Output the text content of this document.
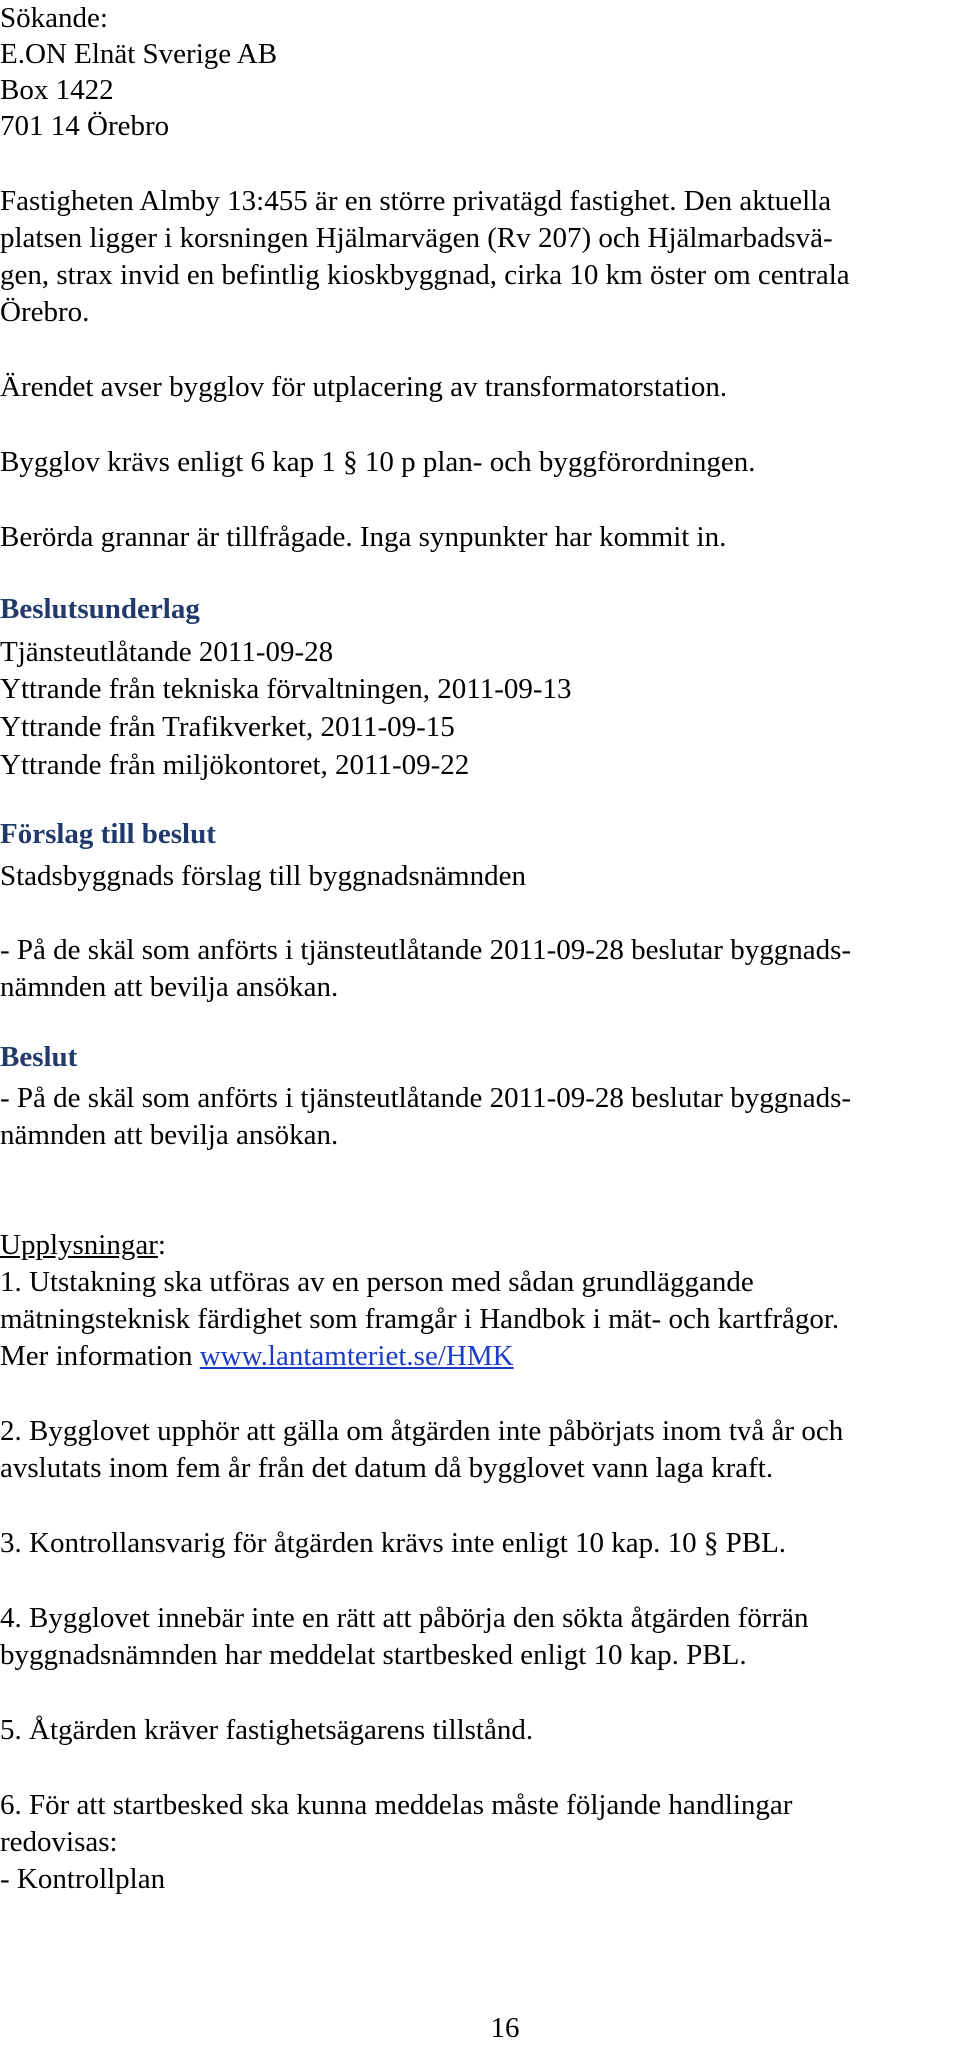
Sökande:

E.ON Elnät Sverige AB

Box 1422

701 14 Örebro

Fastigheten Almby 13:455 är en större privatägd fastighet. Den aktuella

platsen ligger i korsningen Hjälmarvägen (Rv 207) och Hjälmarbadsvä-

gen, strax invid en befintlig kioskbyggnad, cirka 10 km öster om centrala

Örebro.

Ärendet avser bygglov för utplacering av transformatorstation.

Bygglov krävs enligt 6 kap 1 § 10 p plan- och byggförordningen.

Berörda grannar är tillfrågade. Inga synpunkter har kommit in.

Beslutsunderlag

Tjänsteutlåtande 2011-09-28

Yttrande från tekniska förvaltningen, 2011-09-13

Yttrande från Trafikverket, 2011-09-15

Yttrande från miljökontoret, 2011-09-22

Förslag till beslut

Stadsbyggnads förslag till byggnadsnämnden

- På de skäl som anförts i tjänsteutlåtande 2011-09-28 beslutar byggnads-

nämnden att bevilja ansökan.

Beslut

- På de skäl som anförts i tjänsteutlåtande 2011-09-28 beslutar byggnads-

nämnden att bevilja ansökan.

Upplysningar:

1. Utstakning ska utföras av en person med sådan grundläggande

mätningsteknisk färdighet som framgår i Handbok i mät- och kartfrågor.

Mer information www.lantamteriet.se/HMK

2. Bygglovet upphör att gälla om åtgärden inte påbörjats inom två år och

avslutats inom fem år från det datum då bygglovet vann laga kraft.

3. Kontrollansvarig för åtgärden krävs inte enligt 10 kap. 10 § PBL.

4. Bygglovet innebär inte en rätt att påbörja den sökta åtgärden förrän

byggnadsnämnden har meddelat startbesked enligt 10 kap. PBL.

5. Åtgärden kräver fastighetsägarens tillstånd.

6. För att startbesked ska kunna meddelas måste följande handlingar

redovisas:

- Kontrollplan

16
